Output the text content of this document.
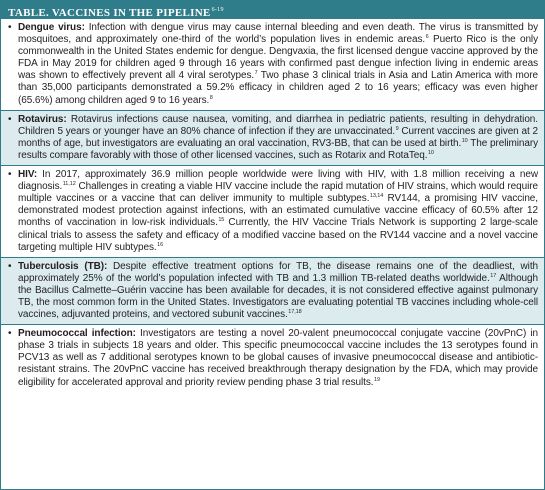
TABLE. VACCINES IN THE PIPELINE$^{6-19}$
• Dengue virus: Infection with dengue virus may cause internal bleeding and even death. The virus is transmitted by mosquitoes, and approximately one-third of the world’s population lives in endemic areas.$^6$ Puerto Rico is the only commonwealth in the United States endemic for dengue. Dengvaxia, the first licensed dengue vaccine approved by the FDA in May 2019 for children aged 9 through 16 years with confirmed past dengue infection living in endemic areas was shown to effectively prevent all 4 viral serotypes.$^7$ Two phase 3 clinical trials in Asia and Latin America with more than 35,000 participants demonstrated a 59.2% efficacy in children aged 2 to 16 years; efficacy was even higher (65.6%) among children aged 9 to 16 years.$^8$
• Rotavirus: Rotavirus infections cause nausea, vomiting, and diarrhea in pediatric patients, resulting in dehydration. Children 5 years or younger have an 80% chance of infection if they are unvaccinated.$^9$ Current vaccines are given at 2 months of age, but investigators are evaluating an oral vaccination, RV3-BB, that can be used at birth.$^{10}$ The preliminary results compare favorably with those of other licensed vaccines, such as Rotarix and RotaTeq.$^{10}$
• HIV: In 2017, approximately 36.9 million people worldwide were living with HIV, with 1.8 million receiving a new diagnosis.$^{11,12}$ Challenges in creating a viable HIV vaccine include the rapid mutation of HIV strains, which would require multiple vaccines or a vaccine that can deliver immunity to multiple subtypes.$^{13,14}$ RV144, a promising HIV vaccine, demonstrated modest protection against infections, with an estimated cumulative vaccine efficacy of 60.5% after 12 months of vaccination in low-risk individuals.$^{15}$ Currently, the HIV Vaccine Trials Network is supporting 2 large-scale clinical trials to assess the safety and efficacy of a modified vaccine based on the RV144 vaccine and a novel vaccine targeting multiple HIV subtypes.$^{16}$
• Tuberculosis (TB): Despite effective treatment options for TB, the disease remains one of the deadliest, with approximately 25% of the world’s population infected with TB and 1.3 million TB-related deaths worldwide.$^{17}$ Although the Bacillus Calmette–Guérin vaccine has been available for decades, it is not considered effective against pulmonary TB, the most common form in the United States. Investigators are evaluating potential TB vaccines including whole-cell vaccines, adjuvanted proteins, and vectored subunit vaccines.$^{17,18}$
• Pneumococcal infection: Investigators are testing a novel 20-valent pneumococcal conjugate vaccine (20vPnC) in phase 3 trials in subjects 18 years and older. This specific pneumococcal vaccine includes the 13 serotypes found in PCV13 as well as 7 additional serotypes known to be global causes of invasive pneumococcal disease and antibiotic-resistant strains. The 20vPnC vaccine has received breakthrough therapy designation by the FDA, which may provide eligibility for accelerated approval and priority review pending phase 3 trial results.$^{19}$
